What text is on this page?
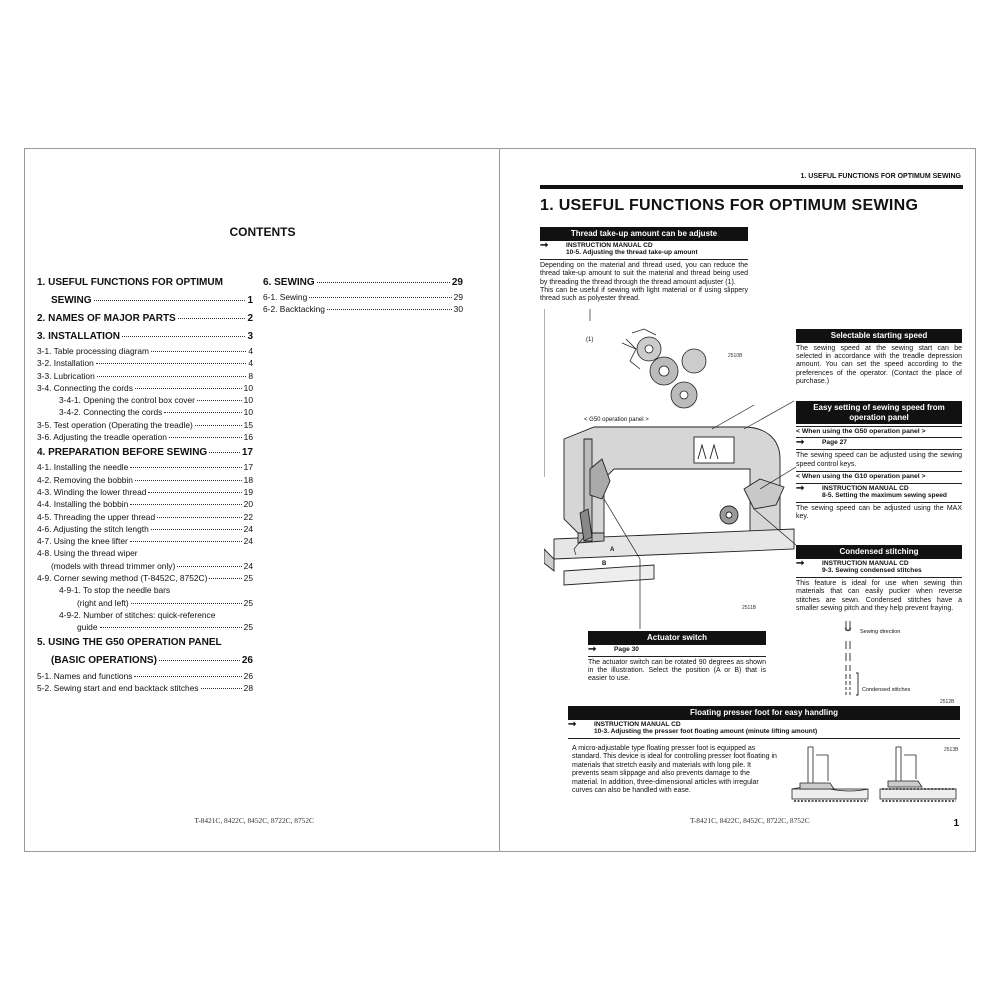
CONTENTS
1. USEFUL FUNCTIONS FOR OPTIMUM
SEWING	1
2. NAMES OF MAJOR PARTS	2
3. INSTALLATION	3
3-1. Table processing diagram	4
3-2. Installation	4
3-3. Lubrication	8
3-4. Connecting the cords	10
3-4-1. Opening the control box cover	10
3-4-2. Connecting the cords	10
3-5. Test operation (Operating the treadle)	15
3-6. Adjusting the treadle operation	16
4. PREPARATION BEFORE SEWING	17
4-1. Installing the needle	17
4-2. Removing the bobbin	18
4-3. Winding the lower thread	19
4-4. Installing the bobbin	20
4-5. Threading the upper thread	22
4-6. Adjusting the stitch length	24
4-7. Using the knee lifter	24
4-8. Using the thread wiper
(models with thread trimmer only)	24
4-9. Corner sewing method (T-8452C, 8752C)	25
4-9-1. To stop the needle bars
(right and left)	25
4-9-2. Number of stitches: quick-reference
guide	25
5. USING THE G50 OPERATION PANEL
(BASIC OPERATIONS)	26
5-1. Names and functions	26
5-2. Sewing start and end backtack stitches	28
6. SEWING	29
6-1. Sewing	29
6-2. Backtacking	30
T-8421C, 8422C, 8452C, 8722C, 8752C
1. USEFUL FUNCTIONS FOR OPTIMUM SEWING
1. USEFUL FUNCTIONS FOR OPTIMUM SEWING
Thread take-up amount can be adjuste
➞	INSTRUCTION MANUAL CD
10-5. Adjusting the thread take-up amount
Depending on the material and thread used, you can reduce the thread take-up amount to suit the material and thread being used by threading the thread through the thread amount adjuster (1).
This can be useful if sewing with light material or if using slippery thread such as polyester thread.
Selectable starting speed
The sewing speed at the sewing start can be selected in accordance with the treadle depression amount. You can set the speed according to the preferences of the operator. (Contact the place of purchase.)
Easy setting of sewing speed from operation panel
< When using the G50 operation panel >
➞	Page 27
The sewing speed can be adjusted using the sewing speed control keys.
< When using the G10 operation panel >
➞	INSTRUCTION MANUAL CD
8-5. Setting the maximum sewing speed
The sewing speed can be adjusted using the MAX key.
Condensed stitching
➞	INSTRUCTION MANUAL CD
9-3. Sewing condensed stitches
This feature is ideal for use when sewing thin materials that can easily pucker when reverse stitches are sewn. Condensed stitches have a smaller sewing pitch and they help prevent fraying.
Actuator switch
➞	Page 30
The actuator switch can be rotated 90 degrees as shown in the illustration. Select the position (A or B) that is easier to use.
Floating presser foot for easy handling
➞	INSTRUCTION MANUAL CD
10-3. Adjusting the presser foot floating amount (minute lifting amount)
A micro-adjustable type floating presser foot is equipped as standard. This device is ideal for controlling presser foot floating in materials that stretch easily and materials with long pile. It prevents seam slippage and also prevents damage to the material. In addition, three-dimensional articles with irregular curves can also be handled with ease.
(1)
< G50 operation panel >
A
B
2510B
2511B
Sewing direction
Condensed stitches
2512B
2513B
T-8421C, 8422C, 8452C, 8722C, 8752C	1
